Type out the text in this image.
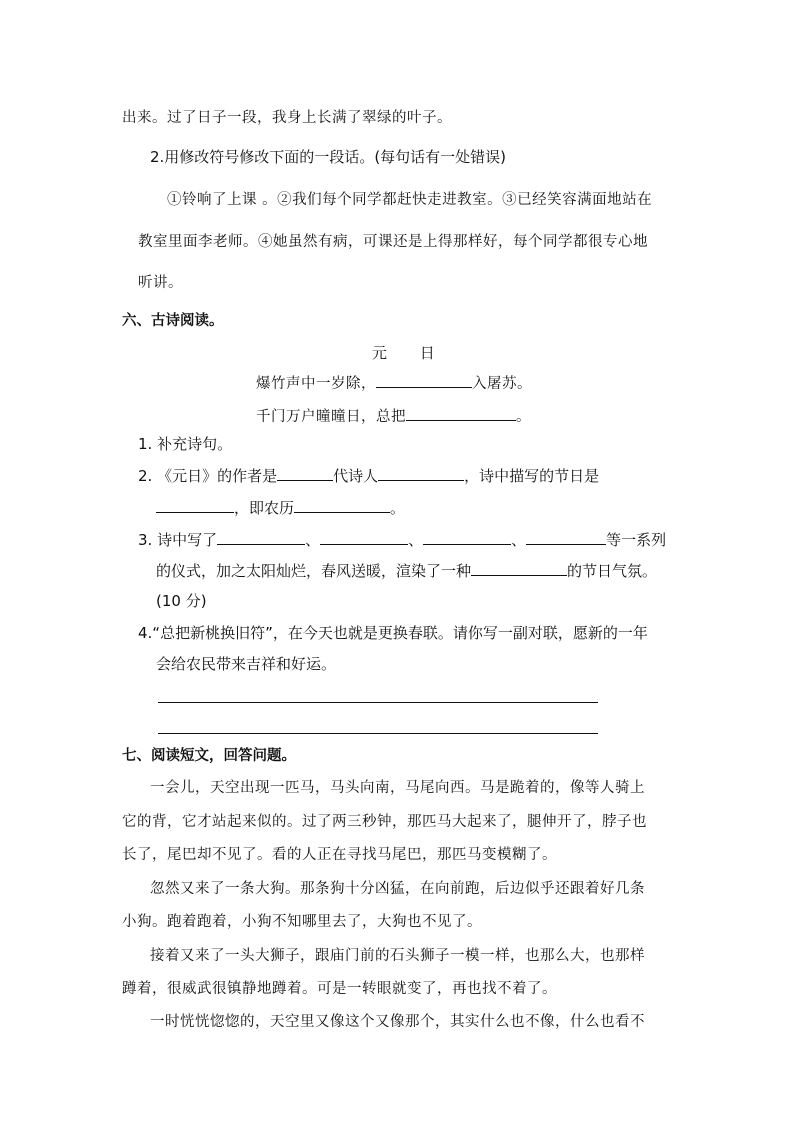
出来。过了日子一段，我身上长满了翠绿的叶子。
2.用修改符号修改下面的一段话。(每句话有一处错误)
①铃响了上课 。②我们每个同学都赶快走进教室。③已经笑容满面地站在
教室里面李老师。④她虽然有病，可课还是上得那样好，每个同学都很专心地
听讲。
六、古诗阅读。
元 日
爆竹声中一岁除，	入屠苏。
千门万户曈曈日，总把	。
1. 补充诗句。
2. 《元日》的作者是	代诗人	，诗中描写的节日是
，即农历	。
3. 诗中写了	、	、	、	等一系列
的仪式，加之太阳灿烂，春风送暖，渲染了一种	的节日气氛。
(10 分)
4.“总把新桃换旧符”，在今天也就是更换春联。请你写一副对联，愿新的一年
会给农民带来吉祥和好运。
七、阅读短文，回答问题。
一会儿，天空出现一匹马，马头向南，马尾向西。马是跪着的，像等人骑上
它的背，它才站起来似的。过了两三秒钟，那匹马大起来了，腿伸开了，脖子也
长了，尾巴却不见了。看的人正在寻找马尾巴，那匹马变模糊了。
忽然又来了一条大狗。那条狗十分凶猛，在向前跑，后边似乎还跟着好几条
小狗。跑着跑着，小狗不知哪里去了，大狗也不见了。
接着又来了一头大狮子，跟庙门前的石头狮子一模一样，也那么大，也那样
蹲着，很威武很镇静地蹲着。可是一转眼就变了，再也找不着了。
一时恍恍惚惚的，天空里又像这个又像那个，其实什么也不像，什么也看不
